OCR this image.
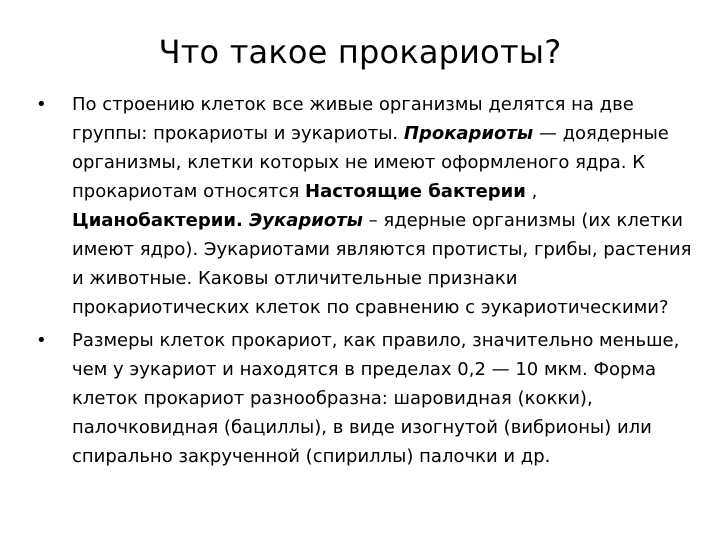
Что такое прокариоты?

• По строению клеток все живые организмы делятся на две группы: прокариоты и эукариоты. Прокариоты — доядерные организмы, клетки которых не имеют оформленого ядра. К прокариотам относятся Настоящие бактерии , Цианобактерии. Эукариоты – ядерные организмы (их клетки имеют ядро). Эукариотами являются протисты, грибы, растения и животные. Каковы отличительные признаки прокариотических клеток по сравнению с эукариотическими?

• Размеры клеток прокариот, как правило, значительно меньше, чем у эукариот и находятся в пределах 0,2 — 10 мкм. Форма клеток прокариот разнообразна: шаровидная (кокки), палочковидная (бациллы), в виде изогнутой (вибрионы) или спирально закрученной (спириллы) палочки и др.
